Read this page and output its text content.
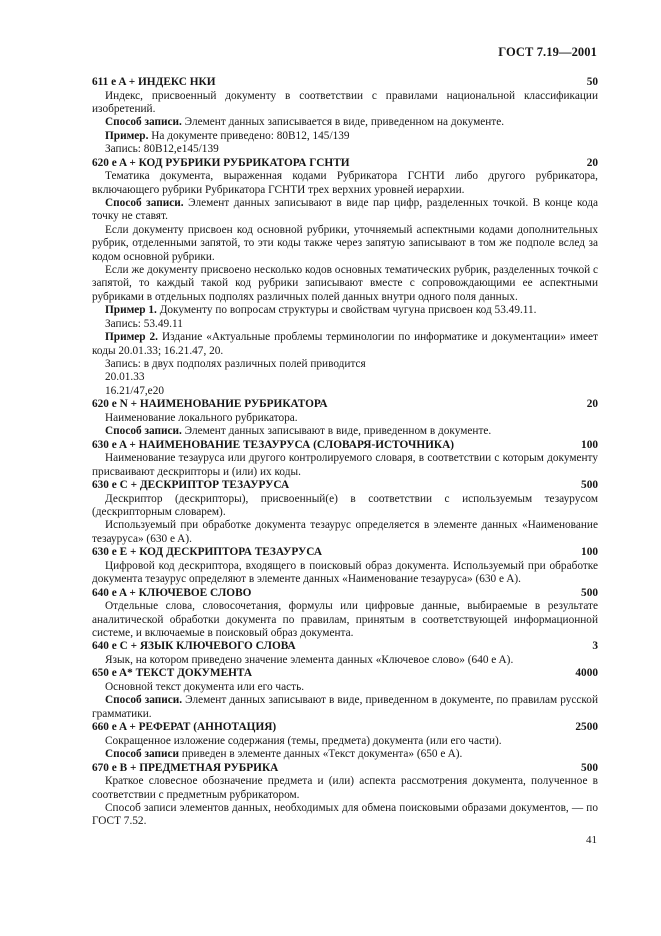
ГОСТ 7.19—2001
611 e A + ИНДЕКС НКИ	50

Индекс, присвоенный документу в соответствии с правилами национальной классификации изобретений.

Способ записи. Элемент данных записывается в виде, приведенном на документе.

Пример. На документе приведено: 80B12, 145/139

Запись: 80B12,e145/139

620 e A + КОД РУБРИКИ РУБРИКАТОРА ГСНТИ	20

Тематика документа, выраженная кодами Рубрикатора ГСНТИ либо другого рубрикатора, включающего рубрики Рубрикатора ГСНТИ трех верхних уровней иерархии.

Способ записи. Элемент данных записывают в виде пар цифр, разделенных точкой. В конце кода точку не ставят.

Если документу присвоен код основной рубрики, уточняемый аспектными кодами дополнительных рубрик, отделенными запятой, то эти коды также через запятую записывают в том же подполе вслед за кодом основной рубрики.

Если же документу присвоено несколько кодов основных тематических рубрик, разделенных точкой с запятой, то каждый такой код рубрики записывают вместе с сопровождающими ее аспектными рубриками в отдельных подполях различных полей данных внутри одного поля данных.

Пример 1. Документу по вопросам структуры и свойствам чугуна присвоен код 53.49.11.

Запись: 53.49.11

Пример 2. Издание «Актуальные проблемы терминологии по информатике и документации» имеет коды 20.01.33; 16.21.47, 20.

Запись: в двух подполях различных полей приводится

20.01.33

16.21/47,e20

620 e N + НАИМЕНОВАНИЕ РУБРИКАТОРА	20

Наименование локального рубрикатора.

Способ записи. Элемент данных записывают в виде, приведенном в документе.

630 e A + НАИМЕНОВАНИЕ ТЕЗАУРУСА (СЛОВАРЯ-ИСТОЧНИКА)	100

Наименование тезауруса или другого контролируемого словаря, в соответствии с которым документу присваивают дескрипторы и (или) их коды.

630 e C + ДЕСКРИПТОР ТЕЗАУРУСА	500

Дескриптор (дескрипторы), присвоенный(е) в соответствии с используемым тезаурусом (дескрипторным словарем).

Используемый при обработке документа тезаурус определяется в элементе данных «Наименование тезауруса» (630 e A).

630 e E + КОД ДЕСКРИПТОРА ТЕЗАУРУСА	100

Цифровой код дескриптора, входящего в поисковый образ документа. Используемый при обработке документа тезаурус определяют в элементе данных «Наименование тезауруса» (630 e A).

640 e A + КЛЮЧЕВОЕ СЛОВО	500

Отдельные слова, словосочетания, формулы или цифровые данные, выбираемые в результате аналитической обработки документа по правилам, принятым в соответствующей информационной системе, и включаемые в поисковый образ документа.

640 e C + ЯЗЫК КЛЮЧЕВОГО СЛОВА	3

Язык, на котором приведено значение элемента данных «Ключевое слово» (640 e A).

650 e A* ТЕКСТ ДОКУМЕНТА	4000

Основной текст документа или его часть.

Способ записи. Элемент данных записывают в виде, приведенном в документе, по правилам русской грамматики.

660 e A + РЕФЕРАТ (АННОТАЦИЯ)	2500

Сокращенное изложение содержания (темы, предмета) документа (или его части).

Способ записи приведен в элементе данных «Текст документа» (650 e A).

670 e B + ПРЕДМЕТНАЯ РУБРИКА	500

Краткое словесное обозначение предмета и (или) аспекта рассмотрения документа, полученное в соответствии с предметным рубрикатором.

Способ записи элементов данных, необходимых для обмена поисковыми образами документов, — по ГОСТ 7.52.

41
